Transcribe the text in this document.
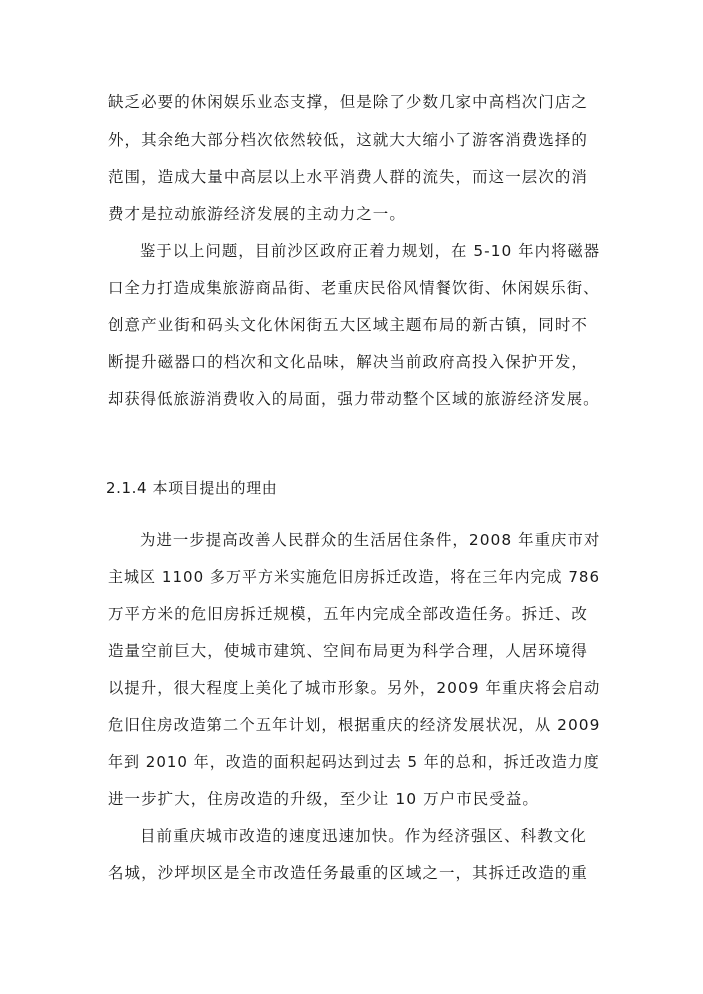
缺乏必要的休闲娱乐业态支撑，但是除了少数几家中高档次门店之
外，其余绝大部分档次依然较低，这就大大缩小了游客消费选择的
范围，造成大量中高层以上水平消费人群的流失，而这一层次的消
费才是拉动旅游经济发展的主动力之一。
鉴于以上问题，目前沙区政府正着力规划，在 5-10 年内将磁器
口全力打造成集旅游商品街、老重庆民俗风情餐饮街、休闲娱乐街、
创意产业街和码头文化休闲街五大区域主题布局的新古镇，同时不
断提升磁器口的档次和文化品味，解决当前政府高投入保护开发，
却获得低旅游消费收入的局面，强力带动整个区域的旅游经济发展。
2.1.4 本项目提出的理由
为进一步提高改善人民群众的生活居住条件，2008 年重庆市对
主城区 1100 多万平方米实施危旧房拆迁改造，将在三年内完成 786
万平方米的危旧房拆迁规模，五年内完成全部改造任务。拆迁、改
造量空前巨大，使城市建筑、空间布局更为科学合理，人居环境得
以提升，很大程度上美化了城市形象。另外，2009 年重庆将会启动
危旧住房改造第二个五年计划，根据重庆的经济发展状况，从 2009
年到 2010 年，改造的面积起码达到过去 5 年的总和，拆迁改造力度
进一步扩大，住房改造的升级，至少让 10 万户市民受益。
目前重庆城市改造的速度迅速加快。作为经济强区、科教文化
名城，沙坪坝区是全市改造任务最重的区域之一，其拆迁改造的重
